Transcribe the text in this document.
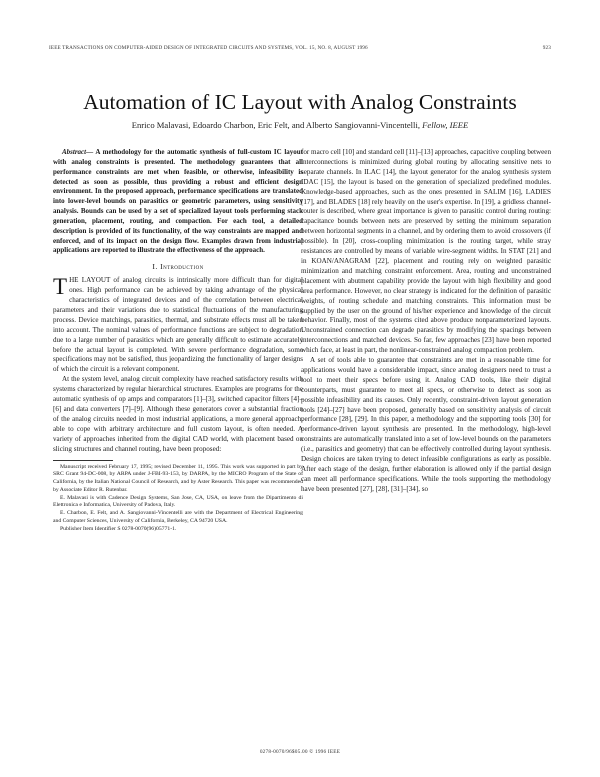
IEEE TRANSACTIONS ON COMPUTER-AIDED DESIGN OF INTEGRATED CIRCUITS AND SYSTEMS, VOL. 15, NO. 8, AUGUST 1996	923
Automation of IC Layout with Analog Constraints
Enrico Malavasi, Edoardo Charbon, Eric Felt, and Alberto Sangiovanni-Vincentelli, Fellow, IEEE

Abstract— A methodology for the automatic synthesis of full-custom IC layout with analog constraints is presented. The methodology guarantees that all performance constraints are met when feasible, or otherwise, infeasibility is detected as soon as possible, thus providing a robust and efficient design environment. In the proposed approach, performance specifications are translated into lower-level bounds on parasitics or geometric parameters, using sensitivity analysis. Bounds can be used by a set of specialized layout tools performing stack generation, placement, routing, and compaction. For each tool, a detailed description is provided of its functionality, of the way constraints are mapped and enforced, and of its impact on the design flow. Examples drawn from industrial applications are reported to illustrate the effectiveness of the approach.

I. Introduction

THE LAYOUT of analog circuits is intrinsically more difficult than for digital ones. High performance can be achieved by taking advantage of the physical characteristics of integrated devices and of the correlation between electrical parameters and their variations due to statistical fluctuations of the manufacturing process. Device matchings, parasitics, thermal, and substrate effects must all be taken into account. The nominal values of performance functions are subject to degradation due to a large number of parasitics which are generally difficult to estimate accurately before the actual layout is completed. With severe performance degradation, some specifications may not be satisfied, thus jeopardizing the functionality of larger designs of which the circuit is a relevant component.

At the system level, analog circuit complexity have reached satisfactory results with systems characterized by regular hierarchical structures. Examples are programs for the automatic synthesis of op amps and comparators [1]–[3], switched capacitor filters [4]–[6] and data converters [7]–[9]. Although these generators cover a substantial fraction of the analog circuits needed in most industrial applications, a more general approach, able to cope with arbitrary architecture and full custom layout, is often needed. A variety of approaches inherited from the digital CAD world, with placement based on slicing structures and channel routing, have been proposed:

Manuscript received February 17, 1995; revised December 11, 1995. This work was supported in part by SRC Grant 94-DC-008, by ARPA under J-FBI-93-153, by DARPA, by the MICRO Program of the State of California, by the Italian National Council of Research, and by Aster Research. This paper was recommended by Associate Editor R. Rutenbar.

E. Malavasi is with Cadence Design Systems, San Jose, CA, USA, on leave from the Dipartimento di Elettronica e Informatica, University of Padova, Italy.

E. Charbon, E. Felt, and A. Sangiovanni-Vincentelli are with the Department of Electrical Engineering and Computer Sciences, University of California, Berkeley, CA 94720 USA.

Publisher Item Identifier S 0278-0070(96)05771-1.

for macro cell [10] and standard cell [11]–[13] approaches, capacitive coupling between interconnections is minimized during global routing by allocating sensitive nets to separate channels. In ILAC [14], the layout generator for the analog synthesis system IDAC [15], the layout is based on the generation of specialized predefined modules. Knowledge-based approaches, such as the ones presented in SALIM [16], LADIES [17], and BLADES [18] rely heavily on the user's expertise. In [19], a gridless channel-router is described, where great importance is given to parasitic control during routing: capacitance bounds between nets are preserved by setting the minimum separation between horizontal segments in a channel, and by ordering them to avoid crossovers (if possible). In [20], cross-coupling minimization is the routing target, while stray resistances are controlled by means of variable wire-segment widths. In STAT [21] and in KOAN/ANAGRAM [22], placement and routing rely on weighted parasitic minimization and matching constraint enforcement. Area, routing and unconstrained placement with abutment capability provide the layout with high flexibility and good area performance. However, no clear strategy is indicated for the definition of parasitic weights, of routing schedule and matching constraints. This information must be supplied by the user on the ground of his/her experience and knowledge of the circuit behavior. Finally, most of the systems cited above produce nonparameterized layouts. Unconstrained connection can degrade parasitics by modifying the spacings between interconnections and matched devices. So far, few approaches [23] have been reported which face, at least in part, the nonlinear-constrained analog compaction problem.

A set of tools able to guarantee that constraints are met in a reasonable time for applications would have a considerable impact, since analog designers need to trust a tool to meet their specs before using it. Analog CAD tools, like their digital counterparts, must guarantee to meet all specs, or otherwise to detect as soon as possible infeasibility and its causes. Only recently, constraint-driven layout generation tools [24]–[27] have been proposed, generally based on sensitivity analysis of circuit performance [28], [29]. In this paper, a methodology and the supporting tools [30] for performance-driven layout synthesis are presented. In the methodology, high-level constraints are automatically translated into a set of low-level bounds on the parameters (i.e., parasitics and geometry) that can be effectively controlled during layout synthesis. Design choices are taken trying to detect infeasible configurations as early as possible. After each stage of the design, further elaboration is allowed only if the partial design can meet all performance specifications. While the tools supporting the methodology have been presented [27], [28], [31]–[34], so

0278-0070/96$05.00 © 1996 IEEE
